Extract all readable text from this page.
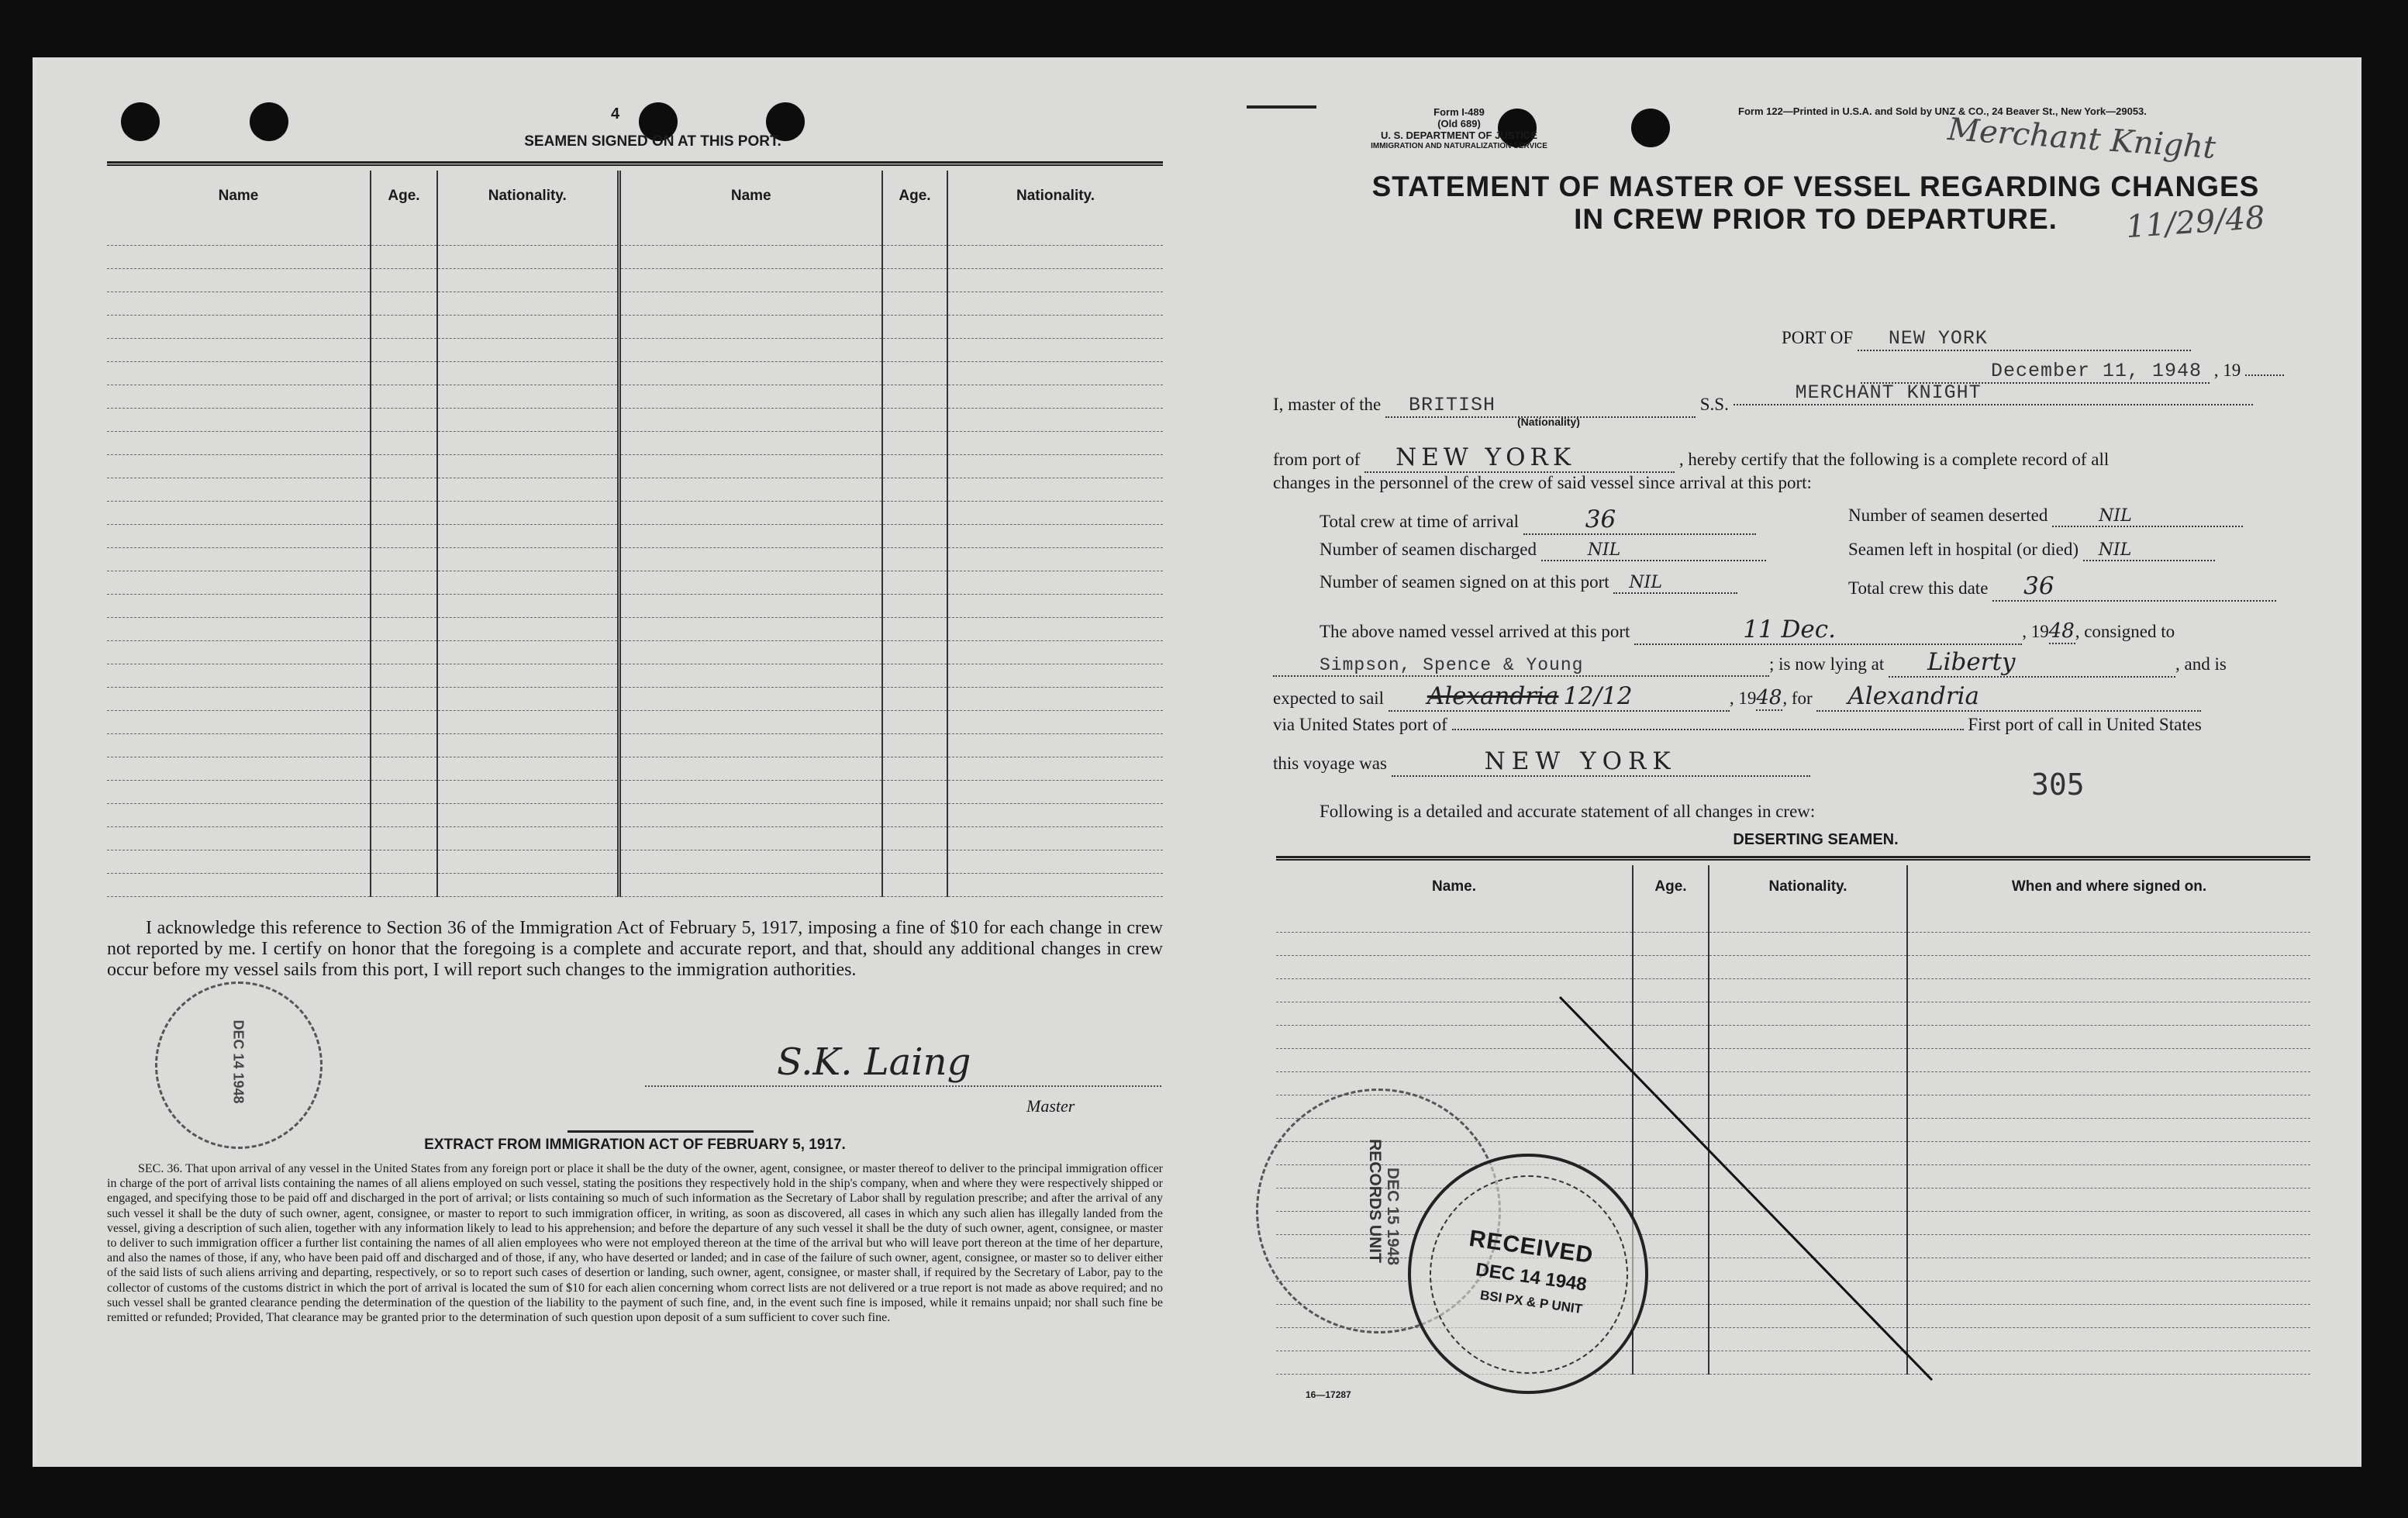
4
SEAMEN SIGNED ON AT THIS PORT.
Name	Age.	Nationality.	Name	Age.	Nationality.

I acknowledge this reference to Section 36 of the Immigration Act of February 5, 1917, imposing a fine of $10 for each change in crew not reported by me. I certify on honor that the foregoing is a complete and accurate report, and that, should any additional changes in crew occur before my vessel sails from this port, I will report such changes to the immigration authorities.
S.K. Laing
Master
DEC 14 1948
EXTRACT FROM IMMIGRATION ACT OF FEBRUARY 5, 1917.
SEC. 36. That upon arrival of any vessel in the United States from any foreign port or place it shall be the duty of the owner, agent, consignee, or master thereof to deliver to the principal immigration officer in charge of the port of arrival lists containing the names of all aliens employed on such vessel, stating the positions they respectively hold in the ship's company, when and where they were respectively shipped or engaged, and specifying those to be paid off and discharged in the port of arrival; or lists containing so much of such information as the Secretary of Labor shall by regulation prescribe; and after the arrival of any such vessel it shall be the duty of such owner, agent, consignee, or master to report to such immigration officer, in writing, as soon as discovered, all cases in which any such alien has illegally landed from the vessel, giving a description of such alien, together with any information likely to lead to his apprehension; and before the departure of any such vessel it shall be the duty of such owner, agent, consignee, or master to deliver to such immigration officer a further list containing the names of all alien employees who were not employed thereon at the time of the arrival but who will leave port thereon at the time of her departure, and also the names of those, if any, who have been paid off and discharged and of those, if any, who have deserted or landed; and in case of the failure of such owner, agent, consignee, or master so to deliver either of the said lists of such aliens arriving and departing, respectively, or so to report such cases of desertion or landing, such owner, agent, consignee, or master shall, if required by the Secretary of Labor, pay to the collector of customs of the customs district in which the port of arrival is located the sum of $10 for each alien concerning whom correct lists are not delivered or a true report is not made as above required; and no such vessel shall be granted clearance pending the determination of the question of the liability to the payment of such fine, and, in the event such fine is imposed, while it remains unpaid; nor shall such fine be remitted or refunded; Provided, That clearance may be granted prior to the determination of such question upon deposit of a sum sufficient to cover such fine.
Form I-489
(Old 689)
U. S. DEPARTMENT OF JUSTICE
IMMIGRATION AND NATURALIZATION SERVICE
Form 122—Printed in U.S.A. and Sold by UNZ & CO., 24 Beaver St., New York—29053.
Merchant Knight
11/29/48
STATEMENT OF MASTER OF VESSEL REGARDING CHANGES
IN CREW PRIOR TO DEPARTURE.
PORT OF NEW YORK
December 11, 1948 , 19
I, master of the BRITISH	S.S. MERCHANT KNIGHT
(Nationality)
from port of NEW YORK	, hereby certify that the following is a complete record of all
changes in the personnel of the crew of said vessel since arrival at this port:
Total crew at time of arrival	36	Number of seamen deserted	NIL
Number of seamen discharged	NIL	Seamen left in hospital (or died) NIL
Number of seamen signed on at this port NIL	Total crew this date 36
The above named vessel arrived at this port	11 Dec.	, 1948, consigned to
Simpson, Spence & Young	; is now lying at Liberty	, and is
expected to sail Alexandria 12/12	, 1948, for Alexandria
via United States port of	First port of call in United States
this voyage was	NEW YORK
305
Following is a detailed and accurate statement of all changes in crew:
DESERTING SEAMEN.
Name.	Age.	Nationality.	When and where signed on.

RECORDS UNIT DEC 15 1948	RECEIVED
DEC 14 1948
BSI PX & P UNIT
16—17287
